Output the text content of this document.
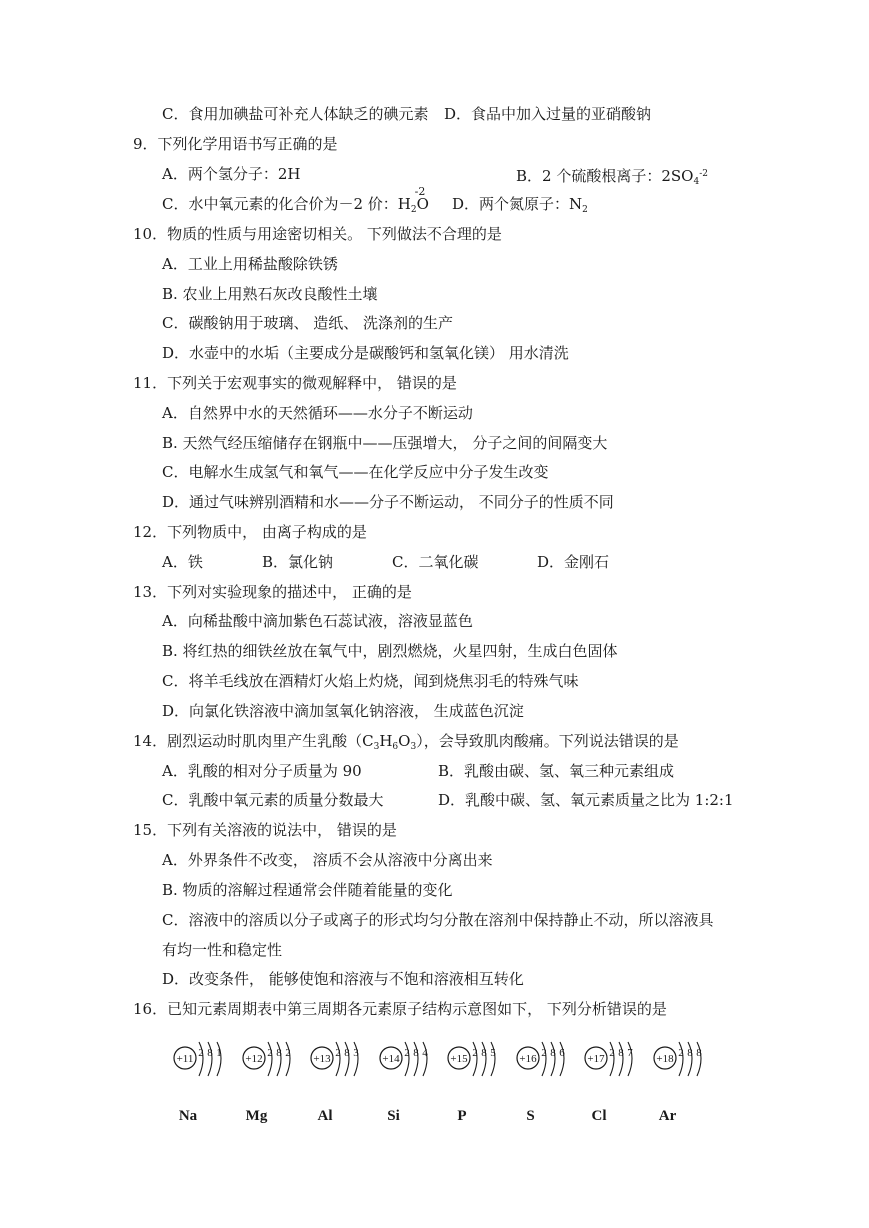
C．食用加碘盐可补充人体缺乏的碘元素 D．食品中加入过量的亚硝酸钠
9．下列化学用语书写正确的是
A．两个氢分子：2H	B．2 个硫酸根离子：$2SO_4^{-2}$
C．水中氧元素的化合价为－2 价：$H_2$
-2
O D．两个氮原子：$N_2$
10．物质的性质与用途密切相关。 下列做法不合理的是
A．工业上用稀盐酸除铁锈
B. 农业上用熟石灰改良酸性土壤
C．碳酸钠用于玻璃、 造纸、 洗涤剂的生产
D．水壶中的水垢（主要成分是碳酸钙和氢氧化镁） 用水清洗
11．下列关于宏观事实的微观解释中， 错误的是
A．自然界中水的天然循环——水分子不断运动
B. 天然气经压缩储存在钢瓶中——压强增大， 分子之间的间隔变大
C．电解水生成氢气和氧气——在化学反应中分子发生改变
D．通过气味辨别酒精和水——分子不断运动， 不同分子的性质不同
12．下列物质中， 由离子构成的是
A．铁	B．氯化钠	C．二氧化碳	D．金刚石
13．下列对实验现象的描述中， 正确的是
A．向稀盐酸中滴加紫色石蕊试液，溶液显蓝色
B. 将红热的细铁丝放在氧气中，剧烈燃烧，火星四射，生成白色固体
C．将羊毛线放在酒精灯火焰上灼烧，闻到烧焦羽毛的特殊气味
D．向氯化铁溶液中滴加氢氧化钠溶液， 生成蓝色沉淀
14．剧烈运动时肌肉里产生乳酸$(C_3H_6O_3)$，会导致肌肉酸痛。下列说法错误的是
A．乳酸的相对分子质量为 90	B．乳酸由碳、氢、氧三种元素组成
C．乳酸中氧元素的质量分数最大	D．乳酸中碳、氢、氧元素质量之比为 1:2:1
15．下列有关溶液的说法中， 错误的是
A．外界条件不改变， 溶质不会从溶液中分离出来
B. 物质的溶解过程通常会伴随着能量的变化
C．溶液中的溶质以分子或离子的形式均匀分散在溶剂中保持静止不动，所以溶液具
有均一性和稳定性
D．改变条件， 能够使饱和溶液与不饱和溶液相互转化
16．已知元素周期表中第三周期各元素原子结构示意图如下， 下列分析错误的是
+11 2 8 1
Na
+12 2 8 2
Mg
+13 2 8 3
Al
+14 2 8 4
Si
+15 2 8 5
P
+16 2 8 6
S
+17 2 8 7
Cl
+18 2 8 8
Ar
